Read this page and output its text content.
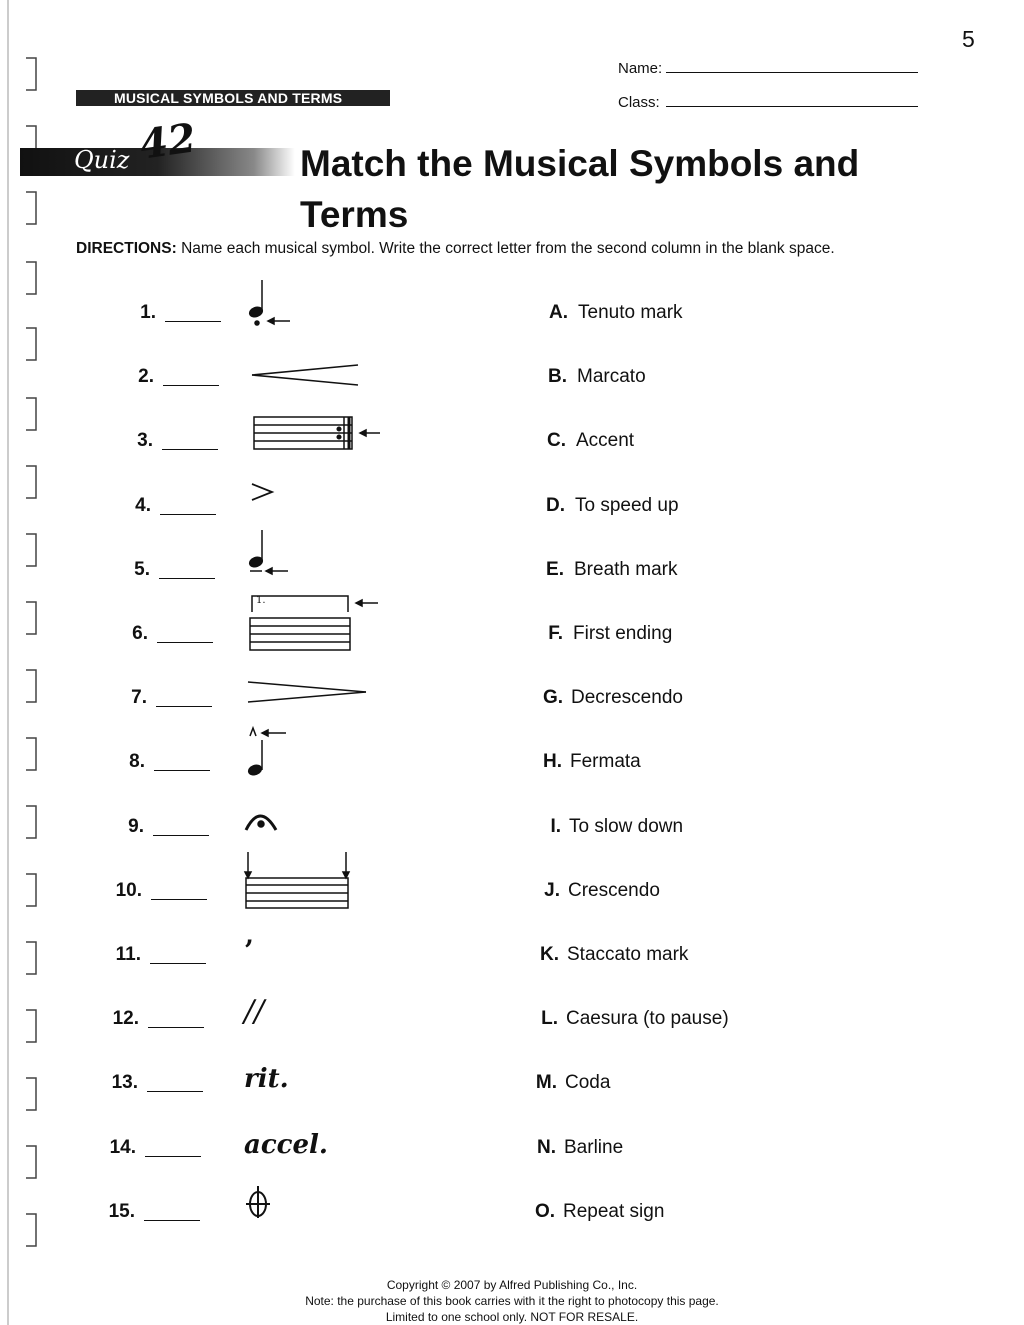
5
Name:
Class:
MUSICAL SYMBOLS AND TERMS
Quiz 42	Match the Musical Symbols and Terms
DIRECTIONS: Name each musical symbol. Write the correct letter from the second column in the blank space.
1.
2.
3.
4.
5.
6.
7.
8.
9.
10.
11.
12.
13.
14.
15.
A. Tenuto mark
B. Marcato
C. Accent
D. To speed up
E. Breath mark
F. First ending
G. Decrescendo
H. Fermata
I. To slow down
J. Crescendo
K. Staccato mark
L. Caesura (to pause)
M. Coda
N. Barline
O. Repeat sign
’
//
rit.
accel.
1.
Copyright © 2007 by Alfred Publishing Co., Inc.
Note: the purchase of this book carries with it the right to photocopy this page.
Limited to one school only. NOT FOR RESALE.
